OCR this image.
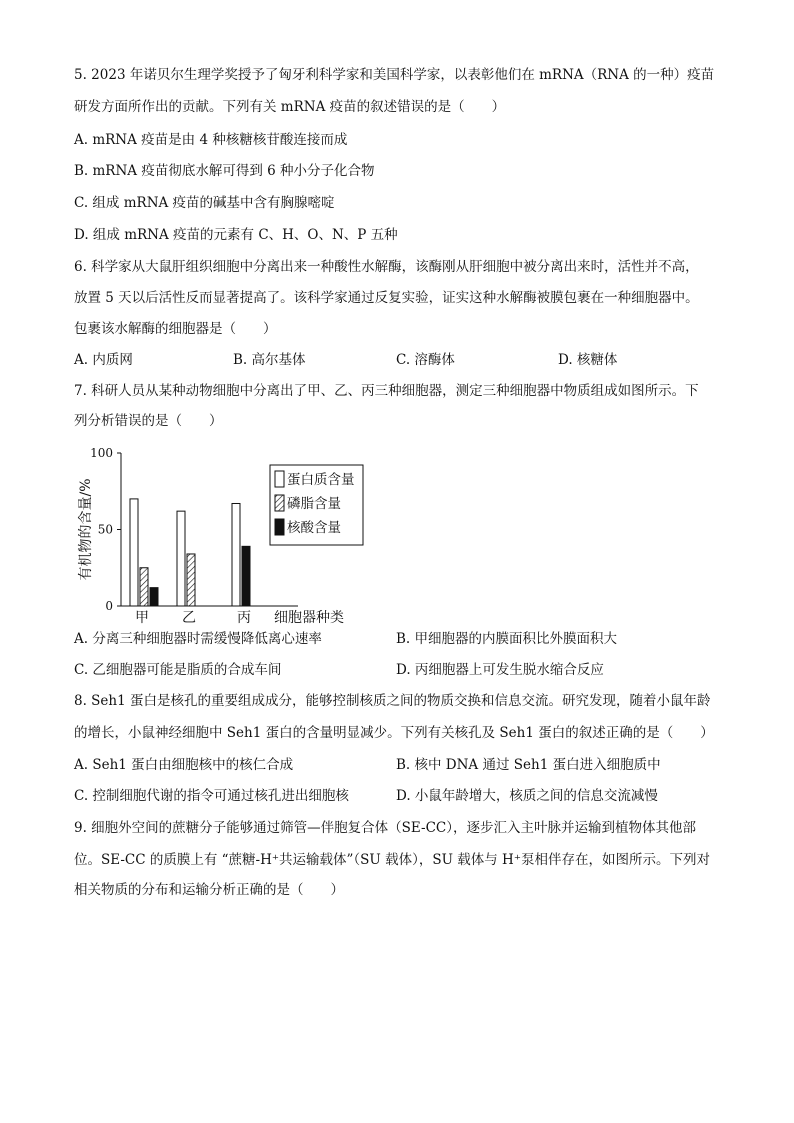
5. 2023 年诺贝尔生理学奖授予了匈牙利科学家和美国科学家，以表彰他们在 mRNA（RNA 的一种）疫苗
研发方面所作出的贡献。下列有关 mRNA 疫苗的叙述错误的是（　　）
A. mRNA 疫苗是由 4 种核糖核苷酸连接而成
B. mRNA 疫苗彻底水解可得到 6 种小分子化合物
C. 组成 mRNA 疫苗的碱基中含有胸腺嘧啶
D. 组成 mRNA 疫苗的元素有 C、H、O、N、P 五种
6. 科学家从大鼠肝组织细胞中分离出来一种酸性水解酶，该酶刚从肝细胞中被分离出来时，活性并不高，
放置 5 天以后活性反而显著提高了。该科学家通过反复实验，证实这种水解酶被膜包裹在一种细胞器中。
包裹该水解酶的细胞器是（　　）
A. 内质网	B. 高尔基体	C. 溶酶体	D. 核糖体
7. 科研人员从某种动物细胞中分离出了甲、乙、丙三种细胞器，测定三种细胞器中物质组成如图所示。下
列分析错误的是（　　）
0
50
100
有机物的含量/%
甲 乙	丙 细胞器种类
蛋白质含量
磷脂含量
核酸含量
A. 分离三种细胞器时需缓慢降低离心速率	B. 甲细胞器的内膜面积比外膜面积大
C. 乙细胞器可能是脂质的合成车间	D. 丙细胞器上可发生脱水缩合反应
8. Seh1 蛋白是核孔的重要组成成分，能够控制核质之间的物质交换和信息交流。研究发现，随着小鼠年龄
的增长，小鼠神经细胞中 Seh1 蛋白的含量明显减少。下列有关核孔及 Seh1 蛋白的叙述正确的是（　　）
A. Seh1 蛋白由细胞核中的核仁合成	B. 核中 DNA 通过 Seh1 蛋白进入细胞质中
C. 控制细胞代谢的指令可通过核孔进出细胞核	D. 小鼠年龄增大，核质之间的信息交流减慢
9. 细胞外空间的蔗糖分子能够通过筛管—伴胞复合体（SE-CC），逐步汇入主叶脉并运输到植物体其他部
位。SE-CC 的质膜上有 “蔗糖-H⁺共运输载体”（SU 载体），SU 载体与 H⁺泵相伴存在，如图所示。下列对
相关物质的分布和运输分析正确的是（　　）
